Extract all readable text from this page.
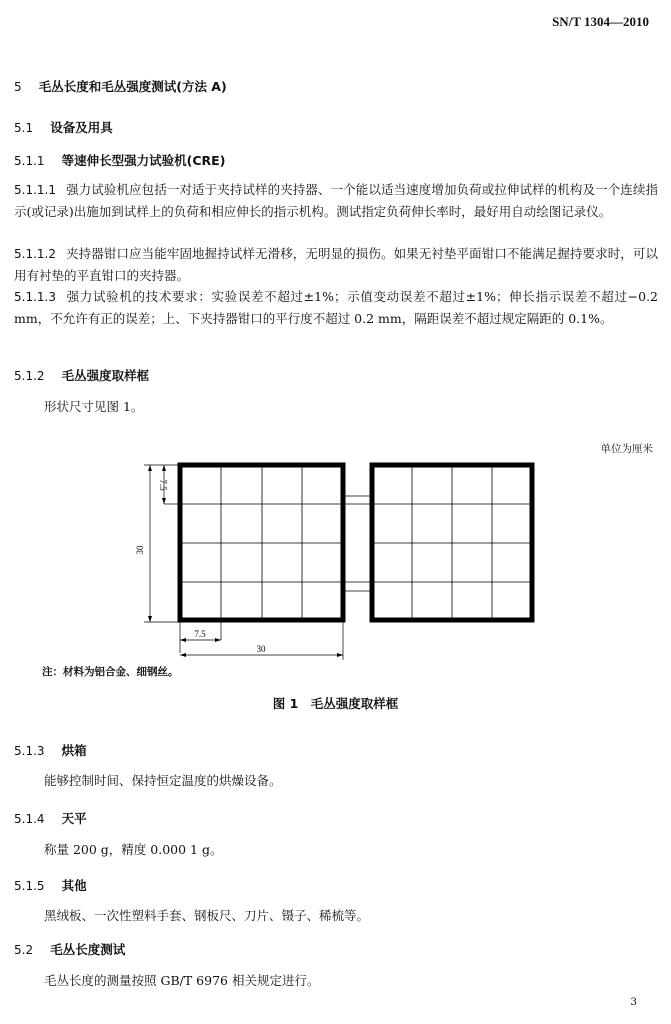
SN/T 1304—2010
5 毛丛长度和毛丛强度测试(方法 A)
5.1 设备及用具
5.1.1 等速伸长型强力试验机(CRE)
5.1.1.1 强力试验机应包括一对适于夹持试样的夹持器、一个能以适当速度增加负荷或拉伸试样的机构及一个连续指示(或记录)出施加到试样上的负荷和相应伸长的指示机构。测试指定负荷伸长率时，最好用自动绘图记录仪。
5.1.1.2 夹持器钳口应当能牢固地握持试样无滑移，无明显的损伤。如果无衬垫平面钳口不能满足握持要求时，可以用有衬垫的平直钳口的夹持器。
5.1.1.3 强力试验机的技术要求：实验误差不超过±1%；示值变动误差不超过±1%；伸长指示误差不超过−0.2 mm，不允许有正的误差；上、下夹持器钳口的平行度不超过 0.2 mm，隔距误差不超过规定隔距的 0.1%。
5.1.2 毛丛强度取样框
形状尺寸见图 1。
单位为厘米
7.5
30
7.5
30
注：材料为铝合金、细钢丝。
图 1　毛丛强度取样框
5.1.3 烘箱
能够控制时间、保持恒定温度的烘燥设备。
5.1.4 天平
称量 200 g，精度 0.000 1 g。
5.1.5 其他
黑绒板、一次性塑料手套、钢板尺、刀片、镊子、稀梳等。
5.2 毛丛长度测试
毛丛长度的测量按照 GB/T 6976 相关规定进行。
3
